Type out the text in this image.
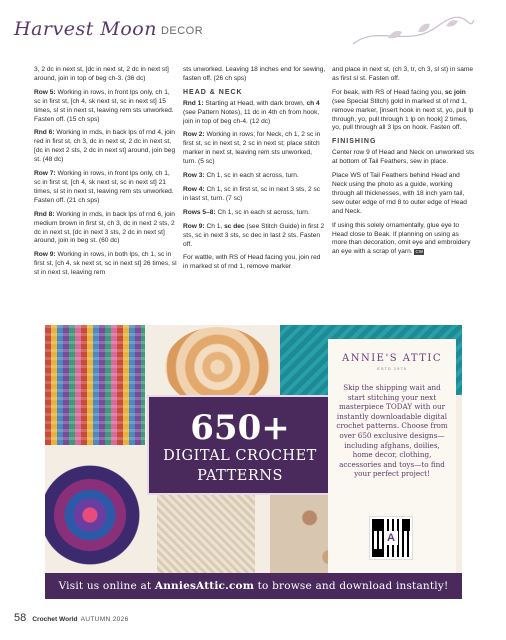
Harvest Moon DECOR

3, 2 dc in next st, [dc in next st, 2 dc in next st] around, join in top of beg ch-3. (36 dc)

Row 5: Working in rows, in front lps only, ch 1, sc in first st, [ch 4, sk next st, sc in next st] 15 times, sl st in next st, leaving rem sts unworked. Fasten off. (15 ch sps)

Rnd 6: Working in rnds, in back lps of rnd 4, join red in first st, ch 3, dc in next st, 2 dc in next st, [dc in next 2 sts, 2 dc in next st] around, join beg st. (48 dc)

Row 7: Working in rows, in front lps only, ch 1, sc in first st, [ch 4, sk next st, sc in next st] 21 times, sl st in next st, leaving rem sts unworked. Fasten off. (21 ch sps)

Rnd 8: Working in rnds, in back lps of rnd 6, join medium brown in first st, ch 3, dc in next 2 sts, 2 dc in next st, [dc in next 3 sts, 2 dc in next st] around, join in beg st. (60 dc)

Row 9: Working in rows, in both lps, ch 1, sc in first st, [ch 4, sk next st, sc in next st] 26 times, sl st in next st, leaving rem

sts unworked. Leaving 18 inches end for sewing, fasten off. (26 ch sps)

HEAD & NECK

Rnd 1: Starting at Head, with dark brown, ch 4 (see Pattern Notes), 11 dc in 4th ch from hook, join in top of beg ch-4. (12 dc)

Row 2: Working in rows; for Neck, ch 1, 2 sc in first st, sc in next st, 2 sc in next st; place stitch marker in next st, leaving rem sts unworked, turn. (5 sc)

Row 3: Ch 1, sc in each st across, turn.

Row 4: Ch 1, sc in first st, sc in next 3 sts, 2 sc in last st, turn. (7 sc)

Rows 5–8: Ch 1, sc in each st across, turn.

Row 9: Ch 1, sc dec (see Stitch Guide) in first 2 sts, sc in next 3 sts, sc dec in last 2 sts. Fasten off.

For wattle, with RS of Head facing you, join red in marked st of rnd 1, remove marker

and place in next st, (ch 3, tr, ch 3, sl st) in same as first sl st. Fasten off.

For beak, with RS of Head facing you, sc join (see Special Stitch) gold in marked st of rnd 1, remove marker, [insert hook in next st, yo, pull lp through, yo, pull through 1 lp on hook] 2 times, yo, pull through all 3 lps on hook. Fasten off.

FINISHING

Center row 9 of Head and Neck on unworked sts at bottom of Tail Feathers, sew in place.

Place WS of Tail Feathers behind Head and Neck using the photo as a guide, working through all thicknesses, with 18 inch yarn tail, sew outer edge of rnd 8 to outer edge of Head and Neck.

If using this solely ornamentally, glue eye to Head close to Beak. If planning on using as more than decoration, omit eye and embroidery an eye with a scrap of yarn. CW

650+
DIGITAL CROCHET
PATTERNS
ANNIE'S ATTIC
ESTD 1975
Skip the shipping wait and start stitching your next masterpiece TODAY with our instantly downloadable digital crochet patterns. Choose from over 650 exclusive designs—including afghans, doilies, home decor, clothing, accessories and toys—to find your perfect project!
A
Visit us online at AnniesAttic.com to browse and download instantly!
58 Crochet World AUTUMN 2026
